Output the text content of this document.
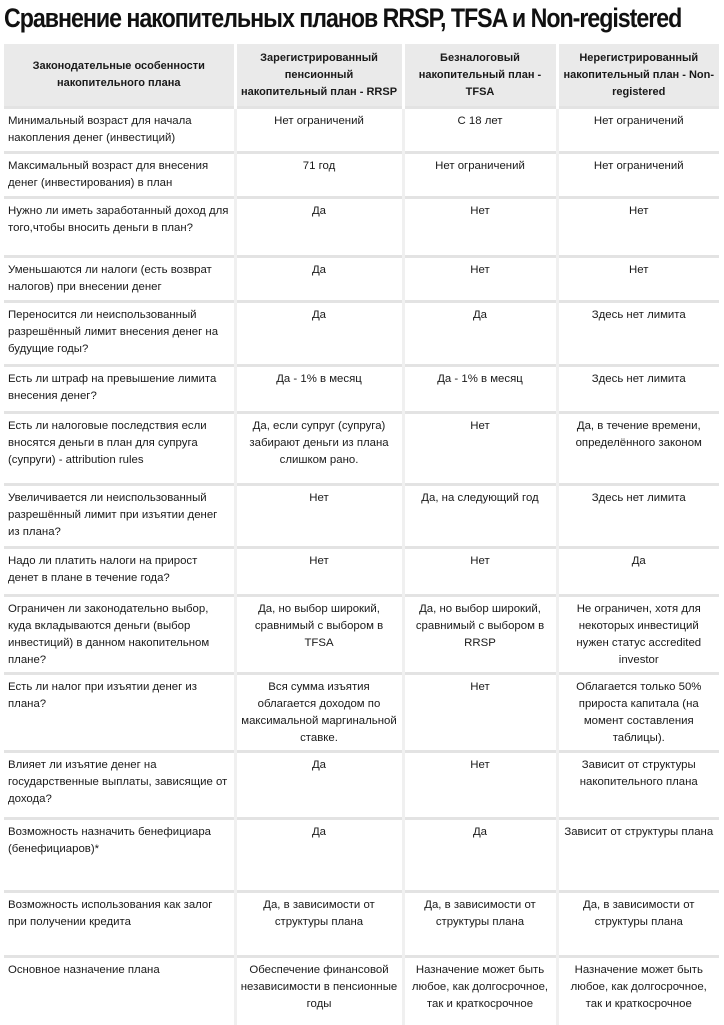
Сравнение накопительных планов RRSP, TFSA и Non-registered
Законодательные особенности накопительного плана	Зарегистрированный пенсионный накопительный план - RRSP	Безналоговый накопительный план - TFSA	Нерегистрированный накопительный план - Non-registered
Минимальный возраст для начала накопления денег (инвестиций)	Нет ограничений	С 18 лет	Нет ограничений
Максимальный возраст для внесения денег (инвестирования) в план	71 год	Нет ограничений	Нет ограничений
Нужно ли иметь заработанный доход для того,чтобы вносить деньги в план?	Да	Нет	Нет
Уменьшаются ли налоги (есть возврат налогов) при внесении денег	Да	Нет	Нет
Переносится ли неиспользованный разрешённый лимит внесения денег на будущие годы?	Да	Да	Здесь нет лимита
Есть ли штраф на превышение лимита внесения денег?	Да - 1% в месяц	Да - 1% в месяц	Здесь нет лимита
Есть ли налоговые последствия если вносятся деньги в план для супруга (супруги) - attribution rules	Да, если супруг (супруга) забирают деньги из плана слишком рано.	Нет	Да, в течение времени, определённого законом
Увеличивается ли неиспользованный разрешённый лимит при изъятии денег из плана?	Нет	Да, на следующий год	Здесь нет лимита
Надо ли платить налоги на прирост денет в плане в течение года?	Нет	Нет	Да
Ограничен ли законодательно выбор, куда вкладываются деньги (выбор инвестиций) в данном накопительном плане?	Да, но выбор широкий, сравнимый с выбором в TFSA	Да, но выбор широкий, сравнимый с выбором в RRSP	Не ограничен, хотя для некоторых инвестиций нужен статус accredited investor
Есть ли налог при изъятии денег из плана?	Вся сумма изъятия облагается доходом по максимальной маргинальной ставке.	Нет	Облагается только 50% прироста капитала (на момент составления таблицы).
Влияет ли изъятие денег на государственные выплаты, зависящие от дохода?	Да	Нет	Зависит от структуры накопительного плана
Возможность назначить бенефициара (бенефициаров)*	Да	Да	Зависит от структуры плана
Возможность использования как залог при получении кредита	Да, в зависимости от структуры плана	Да, в зависимости от структуры плана	Да, в зависимости от структуры плана
Основное назначение плана	Обеспечение финансовой независимости в пенсионные годы	Назначение может быть любое, как долгосрочное, так и краткосрочное	Назначение может быть любое, как долгосрочное, так и краткосрочное
